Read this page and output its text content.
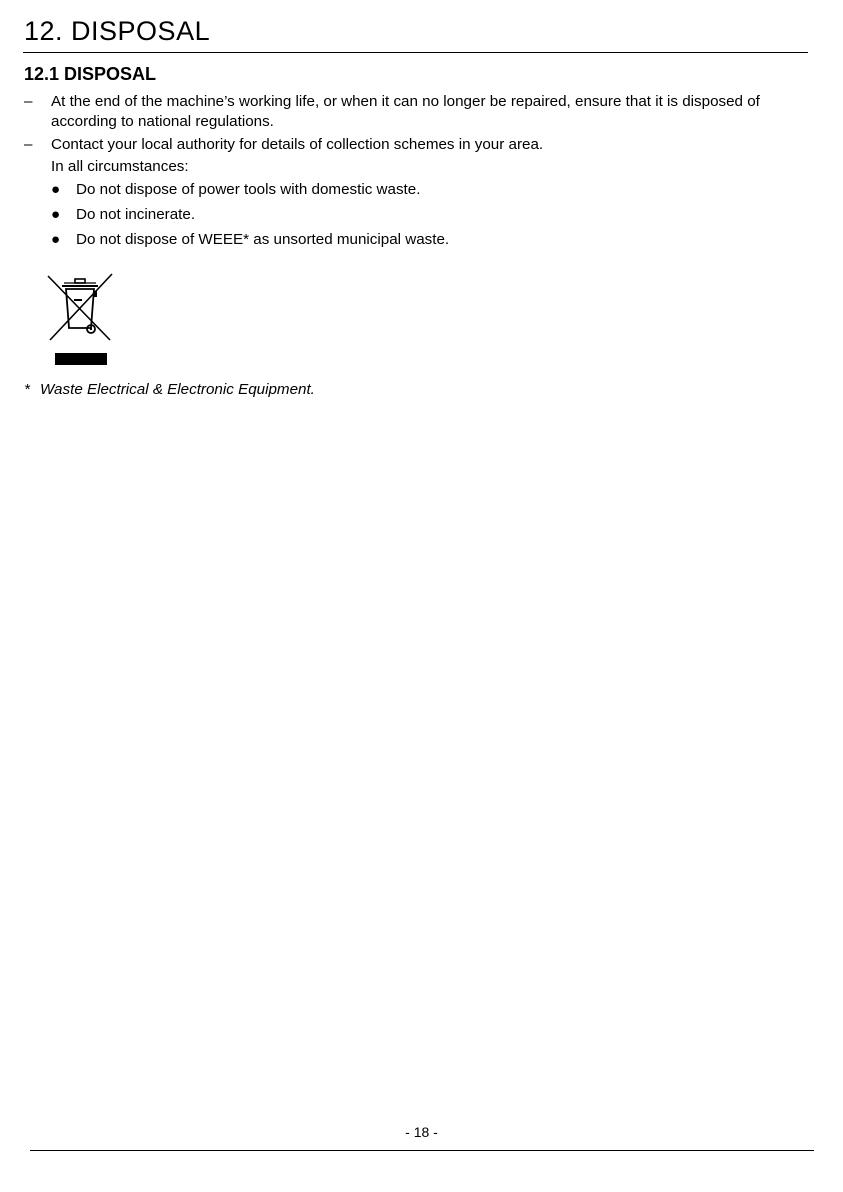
12. DISPOSAL
12.1 DISPOSAL
– At the end of the machine’s working life, or when it can no longer be repaired, ensure that it is disposed of according to national regulations.
– Contact your local authority for details of collection schemes in your area.
In all circumstances:
● Do not dispose of power tools with domestic waste.
● Do not incinerate.
● Do not dispose of WEEE* as unsorted municipal waste.
* Waste Electrical & Electronic Equipment.
- 18 -
